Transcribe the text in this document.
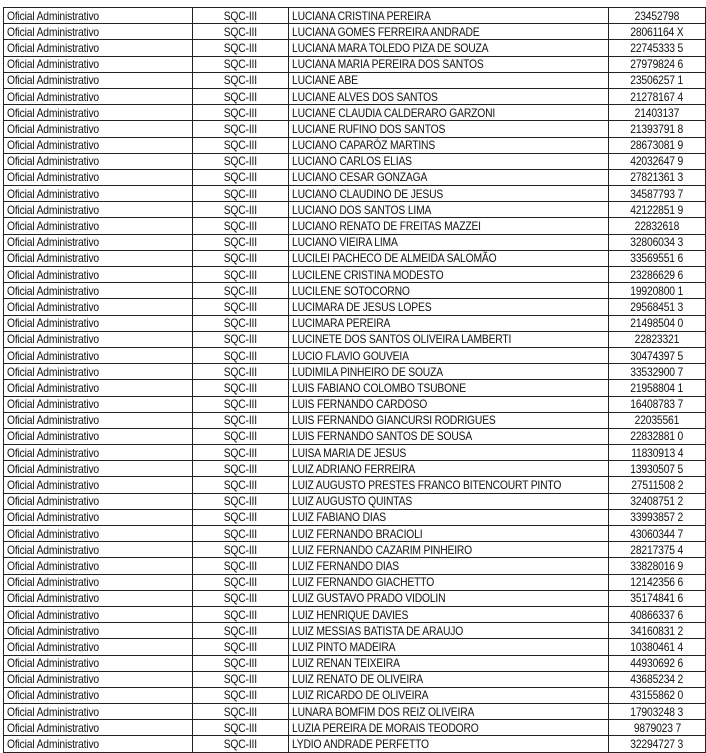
Oficial Administrativo	SQC-III	LUCIANA CRISTINA PEREIRA	23452798
Oficial Administrativo	SQC-III	LUCIANA GOMES FERREIRA ANDRADE	28061164 X
Oficial Administrativo	SQC-III	LUCIANA MARA TOLEDO PIZA DE SOUZA	22745333 5
Oficial Administrativo	SQC-III	LUCIANA MARIA PEREIRA DOS SANTOS	27979824 6
Oficial Administrativo	SQC-III	LUCIANE ABE	23506257 1
Oficial Administrativo	SQC-III	LUCIANE ALVES DOS SANTOS	21278167 4
Oficial Administrativo	SQC-III	LUCIANE CLAUDIA CALDERARO GARZONI	21403137
Oficial Administrativo	SQC-III	LUCIANE RUFINO DOS SANTOS	21393791 8
Oficial Administrativo	SQC-III	LUCIANO CAPARÓZ MARTINS	28673081 9
Oficial Administrativo	SQC-III	LUCIANO CARLOS ELIAS	42032647 9
Oficial Administrativo	SQC-III	LUCIANO CESAR GONZAGA	27821361 3
Oficial Administrativo	SQC-III	LUCIANO CLAUDINO DE JESUS	34587793 7
Oficial Administrativo	SQC-III	LUCIANO DOS SANTOS LIMA	42122851 9
Oficial Administrativo	SQC-III	LUCIANO RENATO DE FREITAS MAZZEI	22832618
Oficial Administrativo	SQC-III	LUCIANO VIEIRA LIMA	32806034 3
Oficial Administrativo	SQC-III	LUCILEI PACHECO DE ALMEIDA SALOMÃO	33569551 6
Oficial Administrativo	SQC-III	LUCILENE CRISTINA MODESTO	23286629 6
Oficial Administrativo	SQC-III	LUCILENE SOTOCORNO	19920800 1
Oficial Administrativo	SQC-III	LUCIMARA DE JESUS LOPES	29568451 3
Oficial Administrativo	SQC-III	LUCIMARA PEREIRA	21498504 0
Oficial Administrativo	SQC-III	LUCINETE DOS SANTOS OLIVEIRA LAMBERTI	22823321
Oficial Administrativo	SQC-III	LUCIO FLAVIO GOUVEIA	30474397 5
Oficial Administrativo	SQC-III	LUDIMILA PINHEIRO DE SOUZA	33532900 7
Oficial Administrativo	SQC-III	LUIS FABIANO COLOMBO TSUBONE	21958804 1
Oficial Administrativo	SQC-III	LUIS FERNANDO CARDOSO	16408783 7
Oficial Administrativo	SQC-III	LUIS FERNANDO GIANCURSI RODRIGUES	22035561
Oficial Administrativo	SQC-III	LUIS FERNANDO SANTOS DE SOUSA	22832881 0
Oficial Administrativo	SQC-III	LUISA MARIA DE JESUS	11830913 4
Oficial Administrativo	SQC-III	LUIZ ADRIANO FERREIRA	13930507 5
Oficial Administrativo	SQC-III	LUIZ AUGUSTO PRESTES FRANCO BITENCOURT PINTO	27511508 2
Oficial Administrativo	SQC-III	LUIZ AUGUSTO QUINTAS	32408751 2
Oficial Administrativo	SQC-III	LUIZ FABIANO DIAS	33993857 2
Oficial Administrativo	SQC-III	LUIZ FERNANDO BRACIOLI	43060344 7
Oficial Administrativo	SQC-III	LUIZ FERNANDO CAZARIM PINHEIRO	28217375 4
Oficial Administrativo	SQC-III	LUIZ FERNANDO DIAS	33828016 9
Oficial Administrativo	SQC-III	LUIZ FERNANDO GIACHETTO	12142356 6
Oficial Administrativo	SQC-III	LUIZ GUSTAVO PRADO VIDOLIN	35174841 6
Oficial Administrativo	SQC-III	LUIZ HENRIQUE DAVIES	40866337 6
Oficial Administrativo	SQC-III	LUIZ MESSIAS BATISTA DE ARAUJO	34160831 2
Oficial Administrativo	SQC-III	LUIZ PINTO MADEIRA	10380461 4
Oficial Administrativo	SQC-III	LUIZ RENAN TEIXEIRA	44930692 6
Oficial Administrativo	SQC-III	LUIZ RENATO DE OLIVEIRA	43685234 2
Oficial Administrativo	SQC-III	LUIZ RICARDO DE OLIVEIRA	43155862 0
Oficial Administrativo	SQC-III	LUNARA BOMFIM DOS REIZ OLIVEIRA	17903248 3
Oficial Administrativo	SQC-III	LUZIA PEREIRA DE MORAIS TEODORO	9879023 7
Oficial Administrativo	SQC-III	LYDIO ANDRADE PERFETTO	32294727 3
